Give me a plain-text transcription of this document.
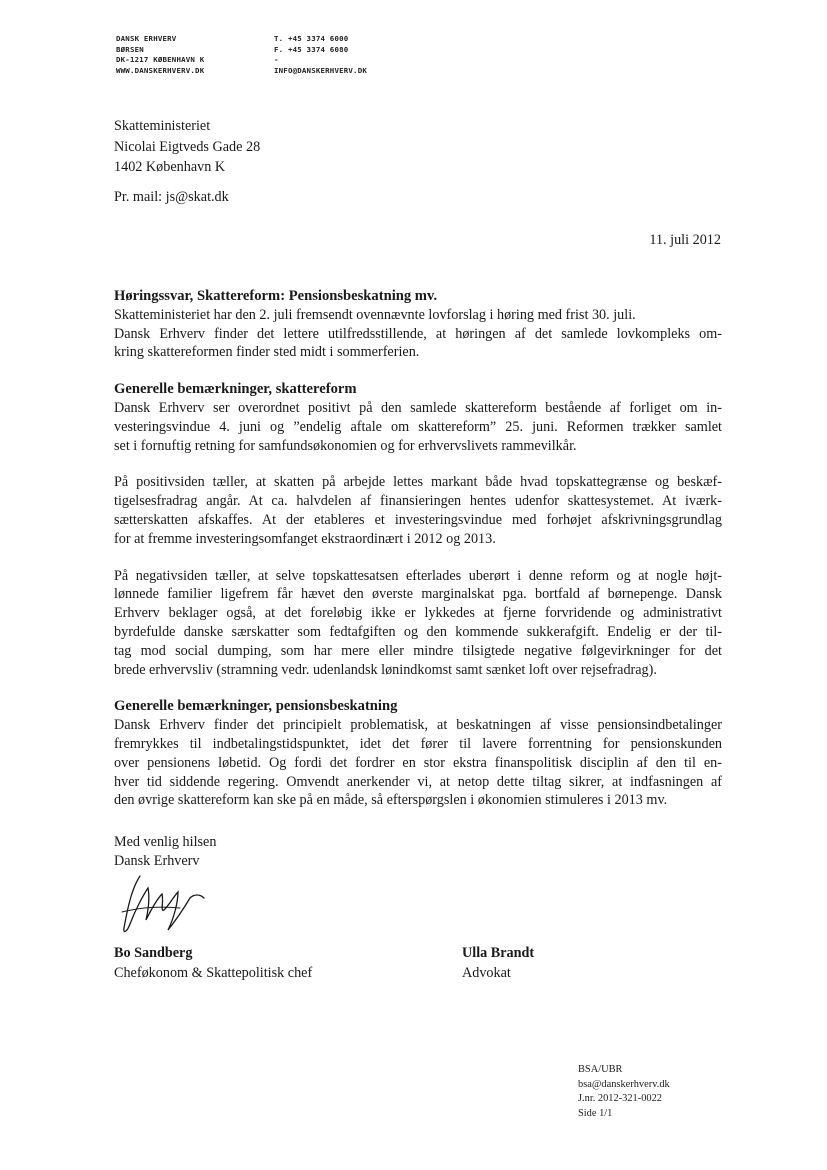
DANSK ERHVERV
BØRSEN
DK-1217 KØBENHAVN K
WWW.DANSKERHVERV.DK
T. +45 3374 6000
F. +45 3374 6080
-
INFO@DANSKERHVERV.DK
Skatteministeriet
Nicolai Eigtveds Gade 28
1402 København K
Pr. mail: js@skat.dk
11. juli 2012
Høringssvar, Skattereform: Pensionsbeskatning mv.

Skatteministeriet har den 2. juli fremsendt ovennævnte lovforslag i høring med frist 30. juli.
Dansk Erhverv finder det lettere utilfredsstillende, at høringen af det samlede lovkompleks om-
kring skattereformen finder sted midt i sommerferien.

Generelle bemærkninger, skattereform

Dansk Erhverv ser overordnet positivt på den samlede skattereform bestående af forliget om in-
vesteringsvindue 4. juni og ”endelig aftale om skattereform” 25. juni. Reformen trækker samlet
set i fornuftig retning for samfundsøkonomien og for erhvervslivets rammevilkår.

På positivsiden tæller, at skatten på arbejde lettes markant både hvad topskattegrænse og beskæf-
tigelsesfradrag angår. At ca. halvdelen af finansieringen hentes udenfor skattesystemet. At iværk-
sætterskatten afskaffes. At der etableres et investeringsvindue med forhøjet afskrivningsgrundlag
for at fremme investeringsomfanget ekstraordinært i 2012 og 2013.

På negativsiden tæller, at selve topskattesatsen efterlades uberørt i denne reform og at nogle højt-
lønnede familier ligefrem får hævet den øverste marginalskat pga. bortfald af børnepenge. Dansk
Erhverv beklager også, at det foreløbig ikke er lykkedes at fjerne forvridende og administrativt
byrdefulde danske særskatter som fedtafgiften og den kommende sukkerafgift. Endelig er der til-
tag mod social dumping, som har mere eller mindre tilsigtede negative følgevirkninger for det
brede erhvervsliv (stramning vedr. udenlandsk lønindkomst samt sænket loft over rejsefradrag).

Generelle bemærkninger, pensionsbeskatning

Dansk Erhverv finder det principielt problematisk, at beskatningen af visse pensionsindbetalinger
fremrykkes til indbetalingstidspunktet, idet det fører til lavere forrentning for pensionskunden
over pensionens løbetid. Og fordi det fordrer en stor ekstra finanspolitisk disciplin af den til en-
hver tid siddende regering. Omvendt anerkender vi, at netop dette tiltag sikrer, at indfasningen af
den øvrige skattereform kan ske på en måde, så efterspørgslen i økonomien stimuleres i 2013 mv.

Med venlig hilsen
Dansk Erhverv
Bo Sandberg
Cheføkonom & Skattepolitisk chef
Ulla Brandt
Advokat
BSA/UBR
bsa@danskerhverv.dk
J.nr. 2012-321-0022
Side 1/1
